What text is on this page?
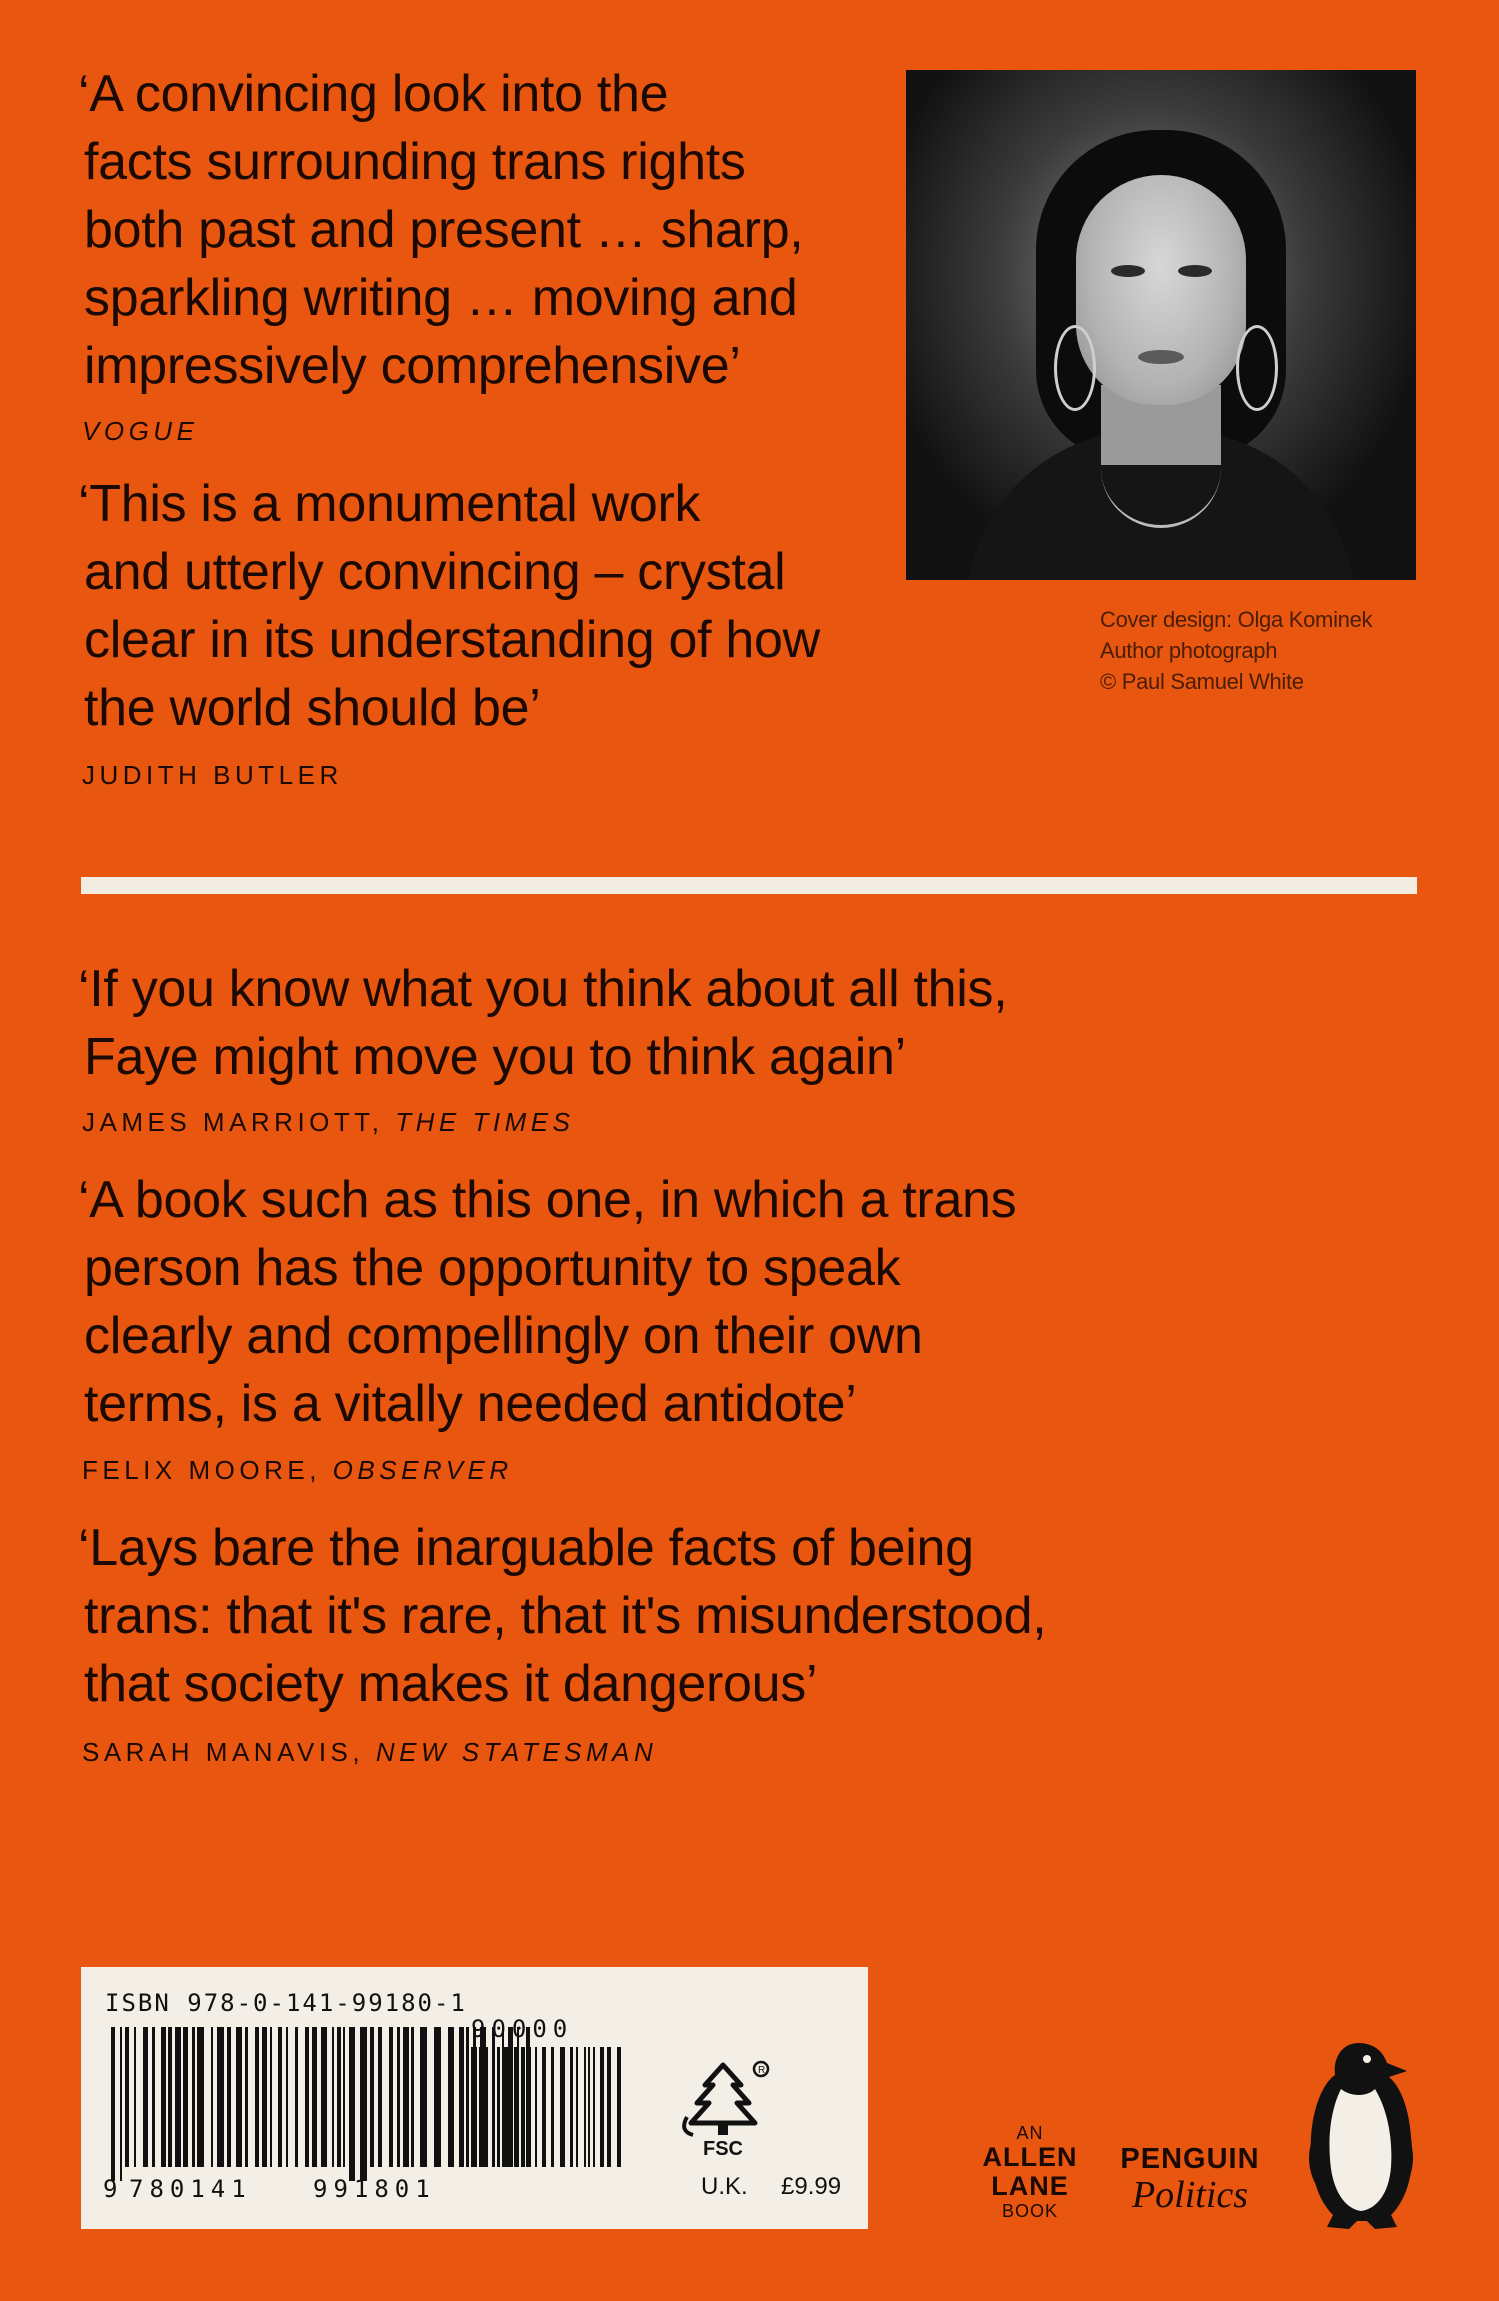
‘A convincing look into the
facts surrounding trans rights
both past and present … sharp,
sparkling writing … moving and
impressively comprehensive’
VOGUE
‘This is a monumental work
and utterly convincing – crystal
clear in its understanding of how
the world should be’
JUDITH BUTLER
Cover design: Olga Kominek
Author photograph
© Paul Samuel White
‘If you know what you think about all this,
Faye might move you to think again’
JAMES MARRIOTT, THE TIMES
‘A book such as this one, in which a trans
person has the opportunity to speak
clearly and compellingly on their own
terms, is a vitally needed antidote’
FELIX MOORE, OBSERVER
‘Lays bare the inarguable facts of being
trans: that it's rare, that it's misunderstood,
that society makes it dangerous’
SARAH MANAVIS, NEW STATESMAN
ISBN 978-0-141-99180-1
9 780141	991801
90000
R
FSC
U.K. £9.99
AN
ALLEN
LANE
BOOK
PENGUIN
Politics
